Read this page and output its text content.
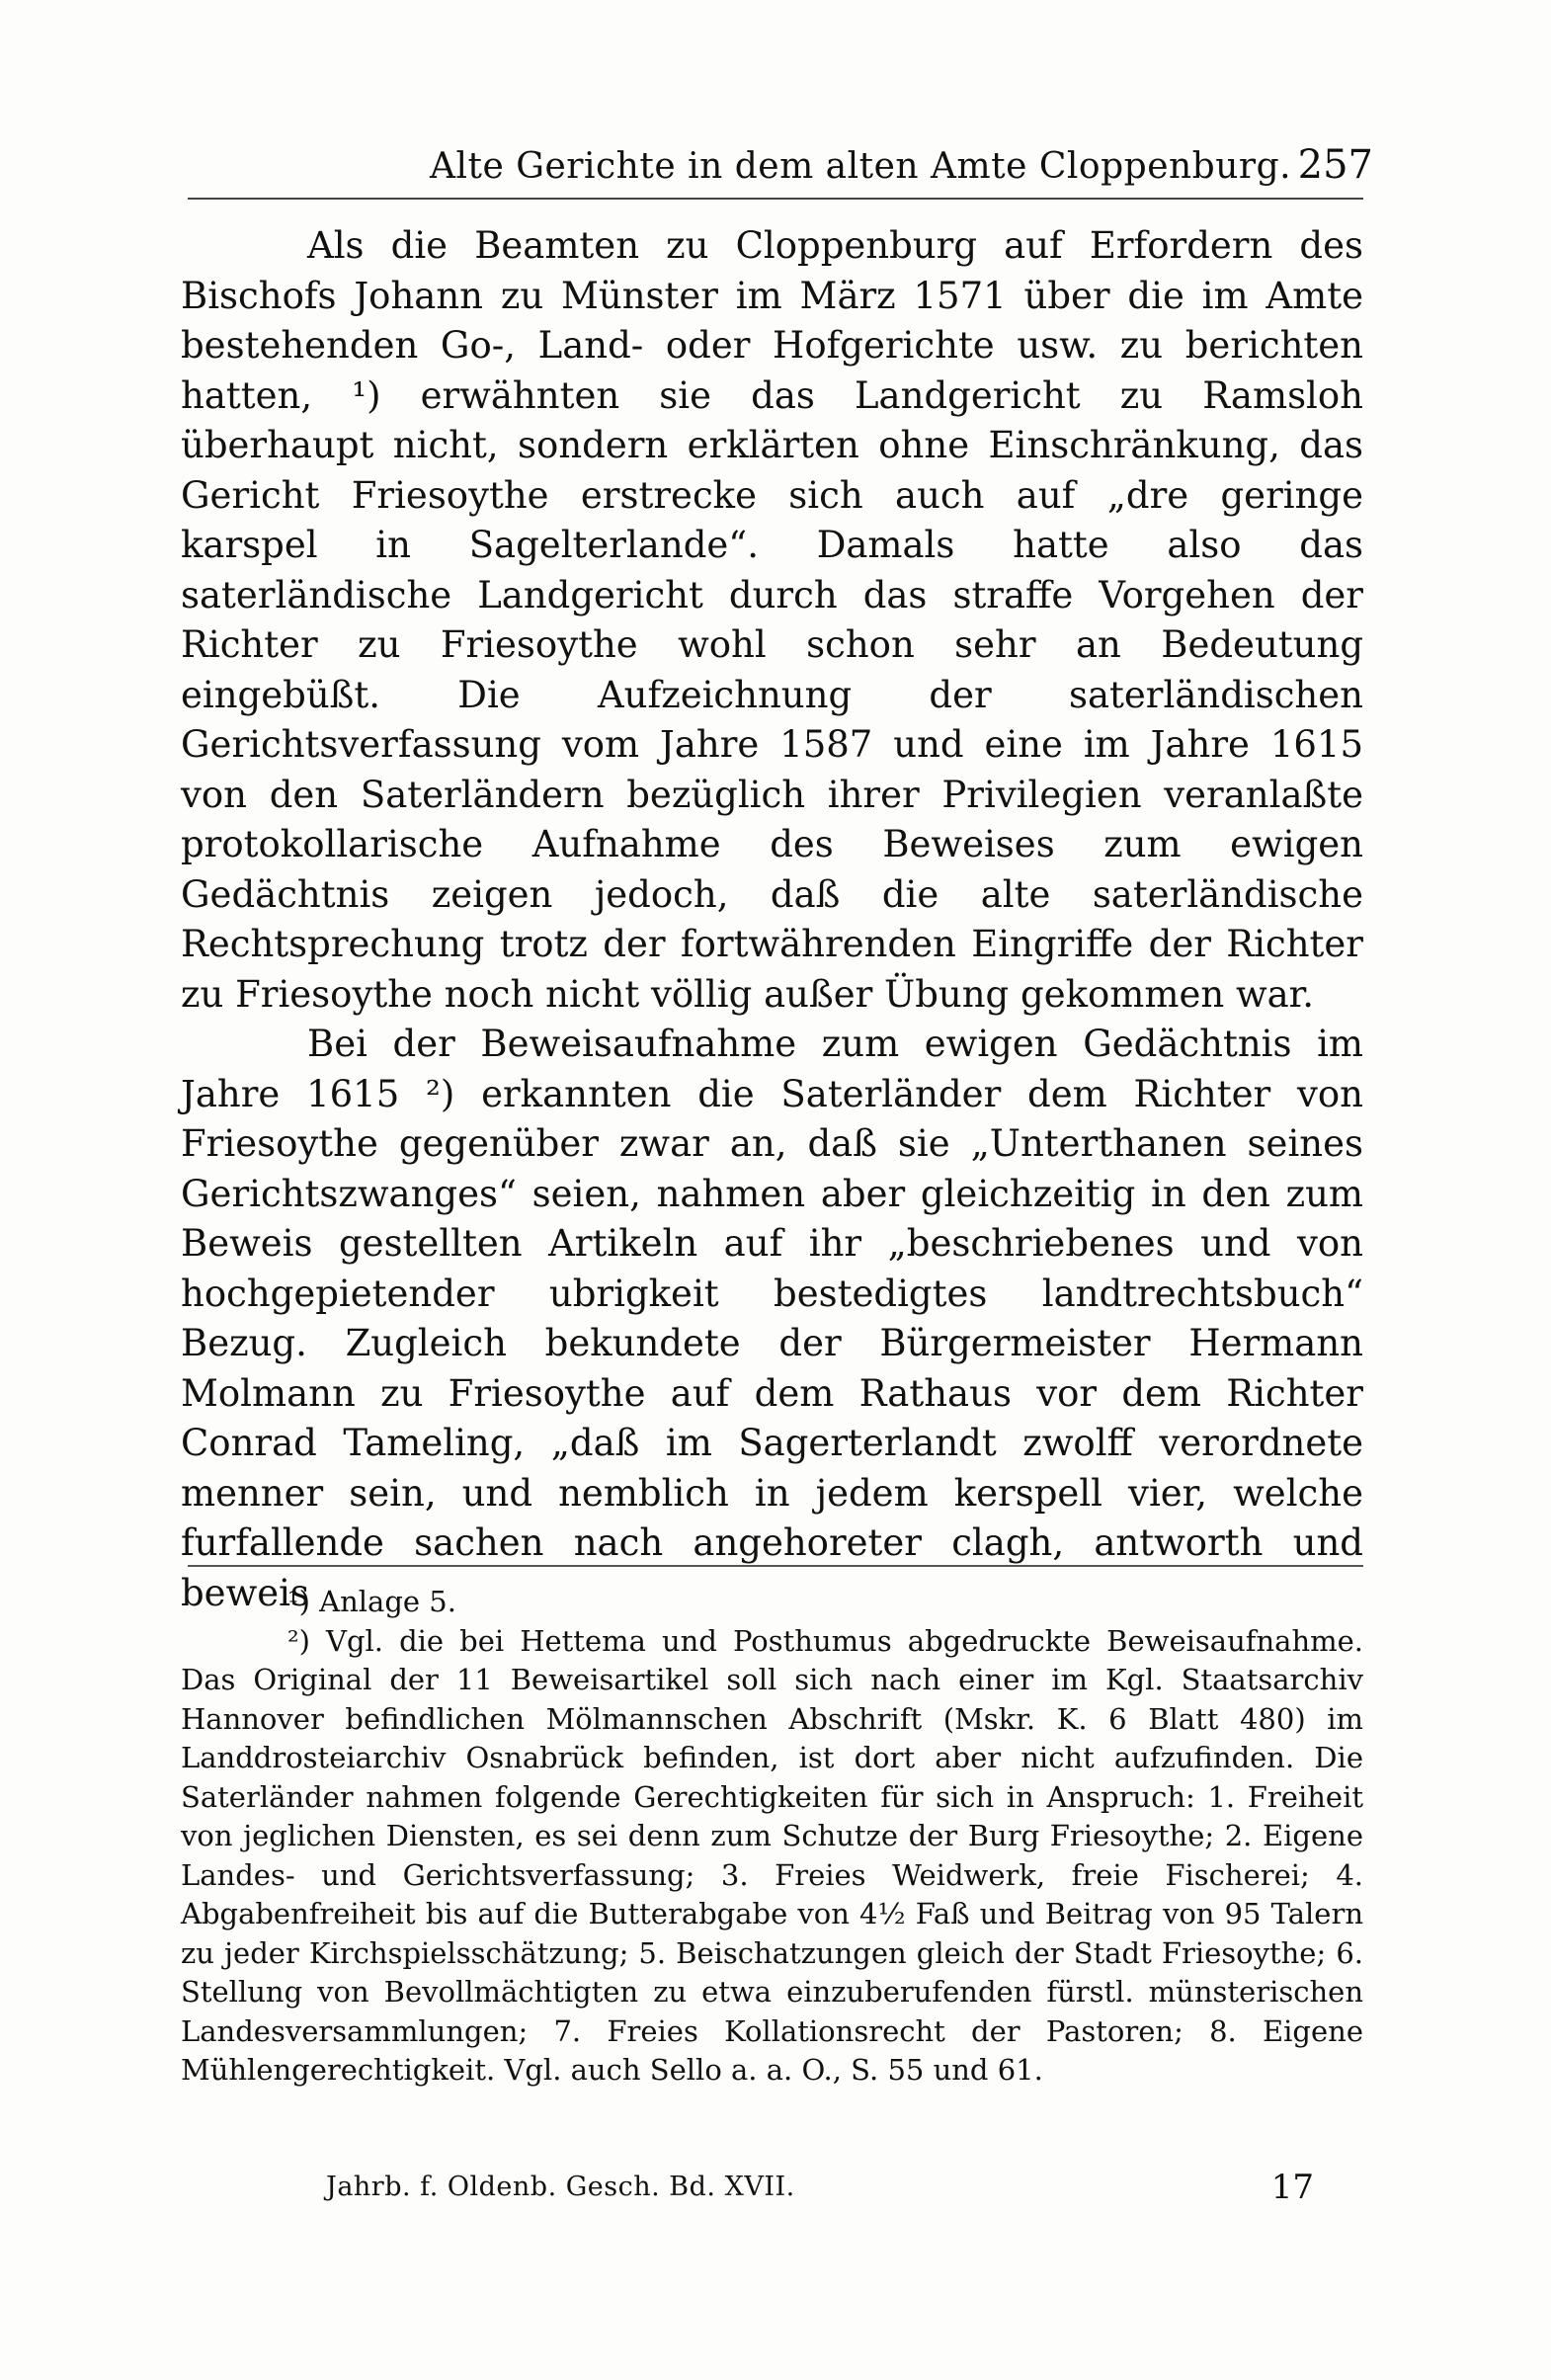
Alte Gerichte in dem alten Amte Cloppenburg. 257

Als die Beamten zu Cloppenburg auf Erfordern des Bischofs Johann zu Münster im März 1571 über die im Amte bestehenden Go-, Land- oder Hofgerichte usw. zu berichten hatten, ¹) erwähnten sie das Landgericht zu Ramsloh überhaupt nicht, sondern erklärten ohne Einschränkung, das Gericht Friesoythe erstrecke sich auch auf „dre geringe karspel in Sagelterlande“. Damals hatte also das saterländische Landgericht durch das straffe Vorgehen der Richter zu Friesoythe wohl schon sehr an Bedeutung eingebüßt. Die Aufzeichnung der saterländischen Gerichtsverfassung vom Jahre 1587 und eine im Jahre 1615 von den Saterländern bezüglich ihrer Privilegien veranlaßte protokollarische Aufnahme des Beweises zum ewigen Gedächtnis zeigen jedoch, daß die alte saterländische Rechtsprechung trotz der fortwährenden Eingriffe der Richter zu Friesoythe noch nicht völlig außer Übung gekommen war.

Bei der Beweisaufnahme zum ewigen Gedächtnis im Jahre 1615 ²) erkannten die Saterländer dem Richter von Friesoythe gegenüber zwar an, daß sie „Unterthanen seines Gerichtszwanges“ seien, nahmen aber gleichzeitig in den zum Beweis gestellten Artikeln auf ihr „beschriebenes und von hochgepietender ubrigkeit bestedigtes landtrechtsbuch“ Bezug. Zugleich bekundete der Bürgermeister Hermann Molmann zu Friesoythe auf dem Rathaus vor dem Richter Conrad Tameling, „daß im Sagerterlandt zwolff verordnete menner sein, und nemblich in jedem kerspell vier, welche furfallende sachen nach angehoreter clagh, antworth und beweis

¹) Anlage 5.

²) Vgl. die bei Hettema und Posthumus abgedruckte Beweisaufnahme. Das Original der 11 Beweisartikel soll sich nach einer im Kgl. Staatsarchiv Hannover befindlichen Mölmannschen Abschrift (Mskr. K. 6 Blatt 480) im Landdrosteiarchiv Osnabrück befinden, ist dort aber nicht aufzufinden. Die Saterländer nahmen folgende Gerechtigkeiten für sich in Anspruch: 1. Freiheit von jeglichen Diensten, es sei denn zum Schutze der Burg Friesoythe; 2. Eigene Landes- und Gerichtsverfassung; 3. Freies Weidwerk, freie Fischerei; 4. Abgabenfreiheit bis auf die Butterabgabe von 4½ Faß und Beitrag von 95 Talern zu jeder Kirchspielsschätzung; 5. Beischatzungen gleich der Stadt Friesoythe; 6. Stellung von Bevollmächtigten zu etwa einzuberufenden fürstl. münsterischen Landesversammlungen; 7. Freies Kollationsrecht der Pastoren; 8. Eigene Mühlengerechtigkeit. Vgl. auch Sello a. a. O., S. 55 und 61.

Jahrb. f. Oldenb. Gesch. Bd. XVII.	17
